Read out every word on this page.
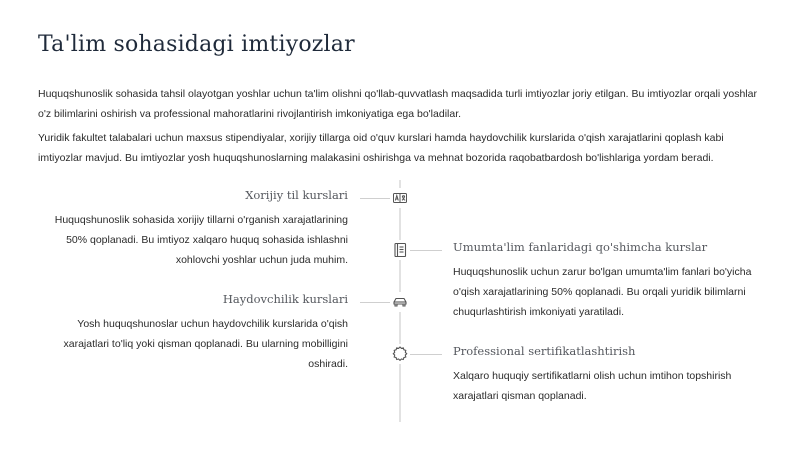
Ta'lim sohasidagi imtiyozlar

Huquqshunoslik sohasida tahsil olayotgan yoshlar uchun ta'lim olishni qo'llab-quvvatlash maqsadida turli imtiyozlar joriy etilgan. Bu imtiyozlar orqali yoshlar o'z bilimlarini oshirish va professional mahoratlarini rivojlantirish imkoniyatiga ega bo'ladilar.

Yuridik fakultet talabalari uchun maxsus stipendiyalar, xorijiy tillarga oid o'quv kurslari hamda haydovchilik kurslarida o'qish xarajatlarini qoplash kabi imtiyozlar mavjud. Bu imtiyozlar yosh huquqshunoslarning malakasini oshirishga va mehnat bozorida raqobatbardosh bo'lishlariga yordam beradi.

Xorijiy til kurslari

Huquqshunoslik sohasida xorijiy tillarni o'rganish xarajatlarining 50% qoplanadi. Bu imtiyoz xalqaro huquq sohasida ishlashni xohlovchi yoshlar uchun juda muhim.

Umumta'lim fanlaridagi qo'shimcha kurslar

Huquqshunoslik uchun zarur bo'lgan umumta'lim fanlari bo'yicha o'qish xarajatlarining 50% qoplanadi. Bu orqali yuridik bilimlarni chuqurlashtirish imkoniyati yaratiladi.

Haydovchilik kurslari

Yosh huquqshunoslar uchun haydovchilik kurslarida o'qish xarajatlari to'liq yoki qisman qoplanadi. Bu ularning mobilligini oshiradi.

Professional sertifikatlashtirish

Xalqaro huquqiy sertifikatlarni olish uchun imtihon topshirish xarajatlari qisman qoplanadi.
